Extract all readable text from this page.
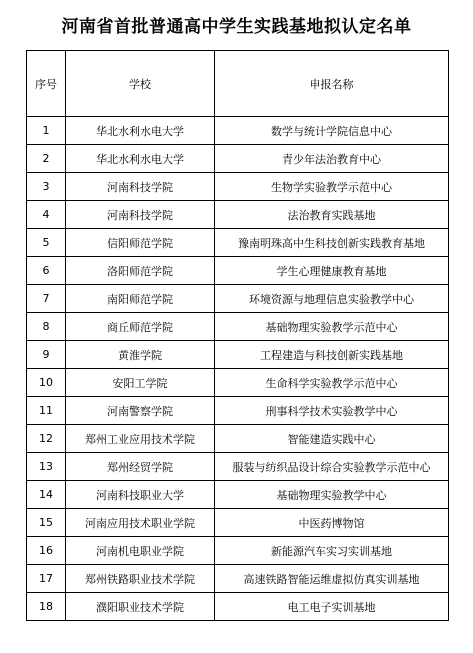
河南省首批普通高中学生实践基地拟认定名单
序号	学校	申报名称
1	华北水利水电大学	数学与统计学院信息中心
2	华北水利水电大学	青少年法治教育中心
3	河南科技学院	生物学实验教学示范中心
4	河南科技学院	法治教育实践基地
5	信阳师范学院	豫南明珠高中生科技创新实践教育基地
6	洛阳师范学院	学生心理健康教育基地
7	南阳师范学院	环境资源与地理信息实验教学中心
8	商丘师范学院	基础物理实验教学示范中心
9	黄淮学院	工程建造与科技创新实践基地
10	安阳工学院	生命科学实验教学示范中心
11	河南警察学院	刑事科学技术实验教学中心
12	郑州工业应用技术学院	智能建造实践中心
13	郑州经贸学院	服装与纺织品设计综合实验教学示范中心
14	河南科技职业大学	基础物理实验教学中心
15	河南应用技术职业学院	中医药博物馆
16	河南机电职业学院	新能源汽车实习实训基地
17	郑州铁路职业技术学院	高速铁路智能运维虚拟仿真实训基地
18	濮阳职业技术学院	电工电子实训基地
